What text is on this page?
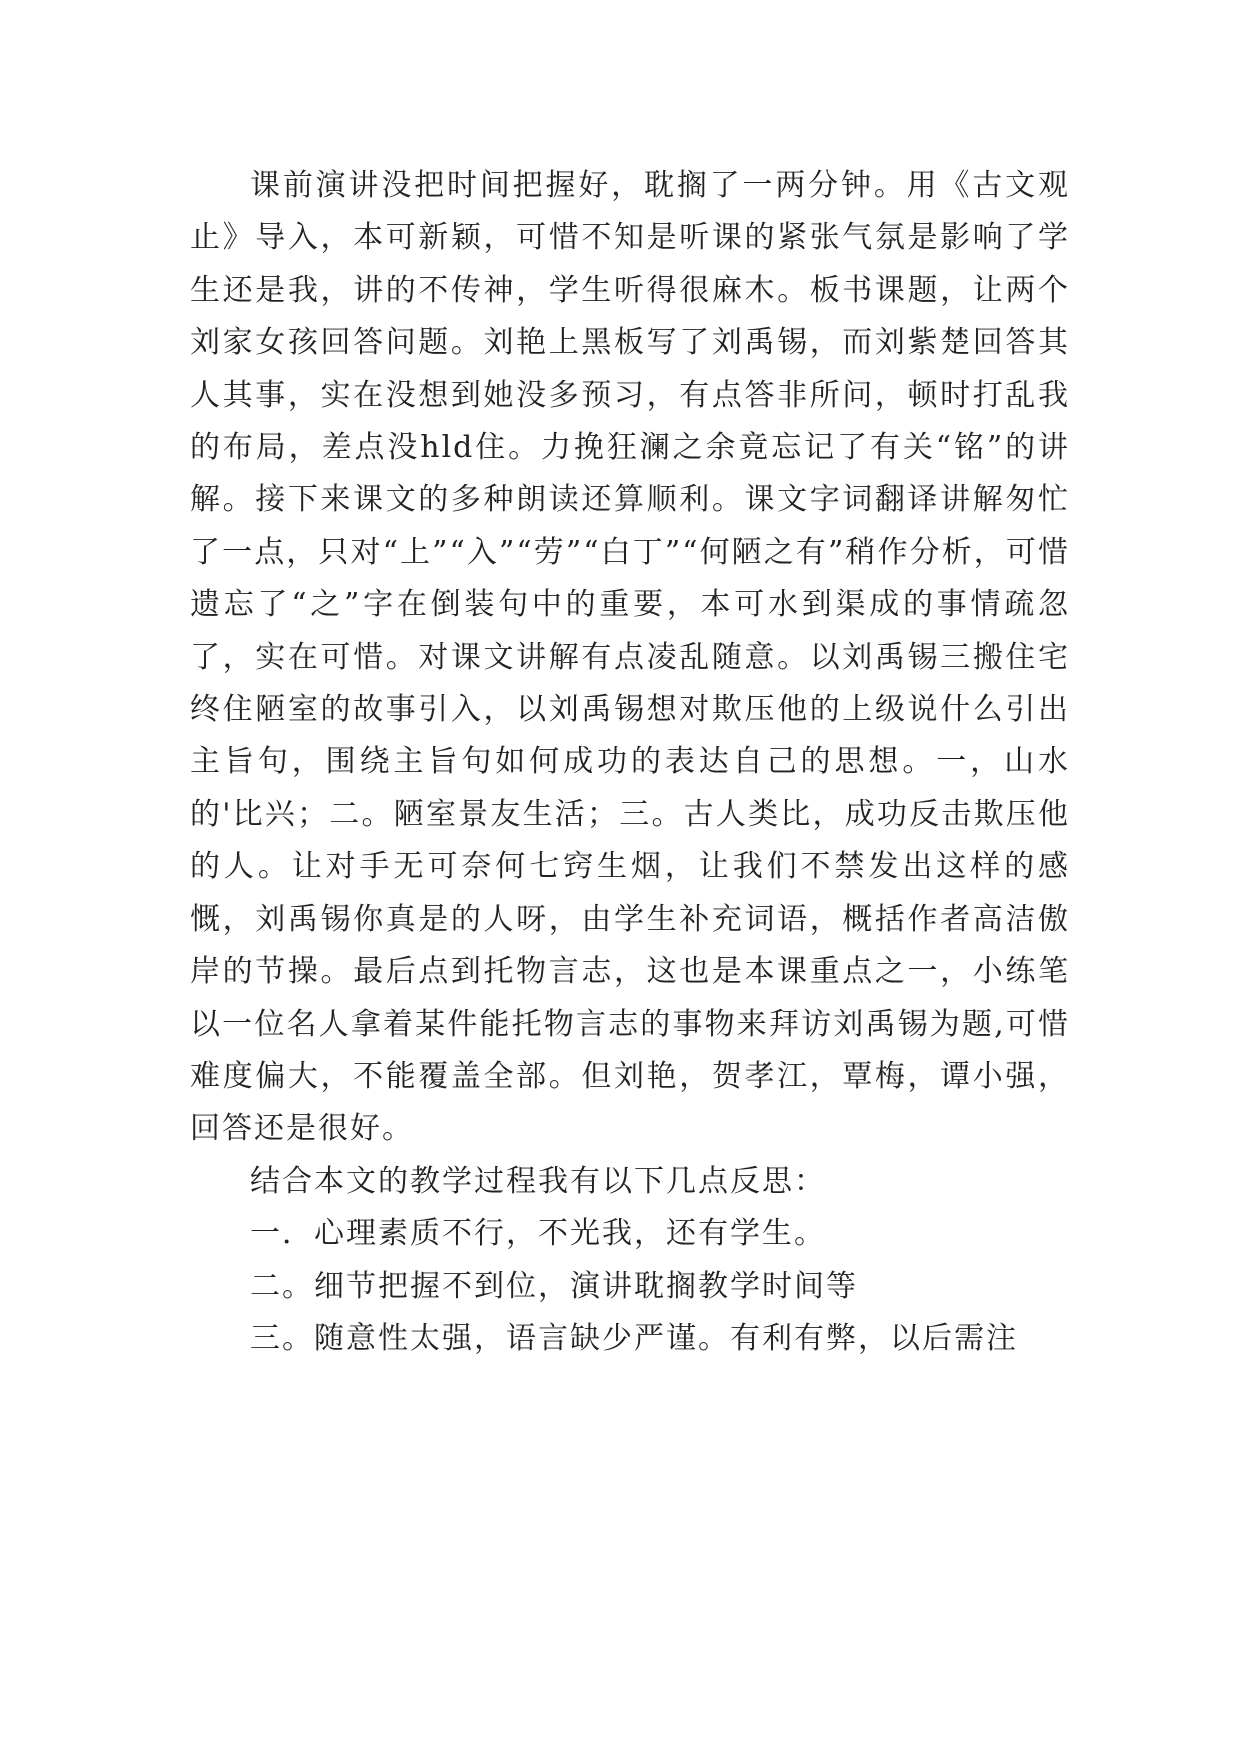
课前演讲没把时间把握好，耽搁了一两分钟。用《古文观止》导入，本可新颖，可惜不知是听课的紧张气氛是影响了学生还是我，讲的不传神，学生听得很麻木。板书课题，让两个刘家女孩回答问题。刘艳上黑板写了刘禹锡，而刘紫楚回答其人其事，实在没想到她没多预习，有点答非所问，顿时打乱我的布局，差点没hld住。力挽狂澜之余竟忘记了有关“铭”的讲解。接下来课文的多种朗读还算顺利。课文字词翻译讲解匆忙了一点，只对“上”“入”“劳”“白丁”“何陋之有”稍作分析，可惜遗忘了“之”字在倒装句中的重要，本可水到渠成的事情疏忽了，实在可惜。对课文讲解有点凌乱随意。以刘禹锡三搬住宅终住陋室的故事引入，以刘禹锡想对欺压他的上级说什么引出主旨句，围绕主旨句如何成功的表达自己的思想。一，山水的'比兴；二。陋室景友生活；三。古人类比，成功反击欺压他的人。让对手无可奈何七窍生烟，让我们不禁发出这样的感慨，刘禹锡你真是的人呀，由学生补充词语，概括作者高洁傲岸的节操。最后点到托物言志，这也是本课重点之一，小练笔以一位名人拿着某件能托物言志的事物来拜访刘禹锡为题,可惜难度偏大，不能覆盖全部。但刘艳，贺孝江，覃梅，谭小强，回答还是很好。

结合本文的教学过程我有以下几点反思：

一．心理素质不行，不光我，还有学生。

二。细节把握不到位，演讲耽搁教学时间等

三。随意性太强，语言缺少严谨。有利有弊，以后需注
